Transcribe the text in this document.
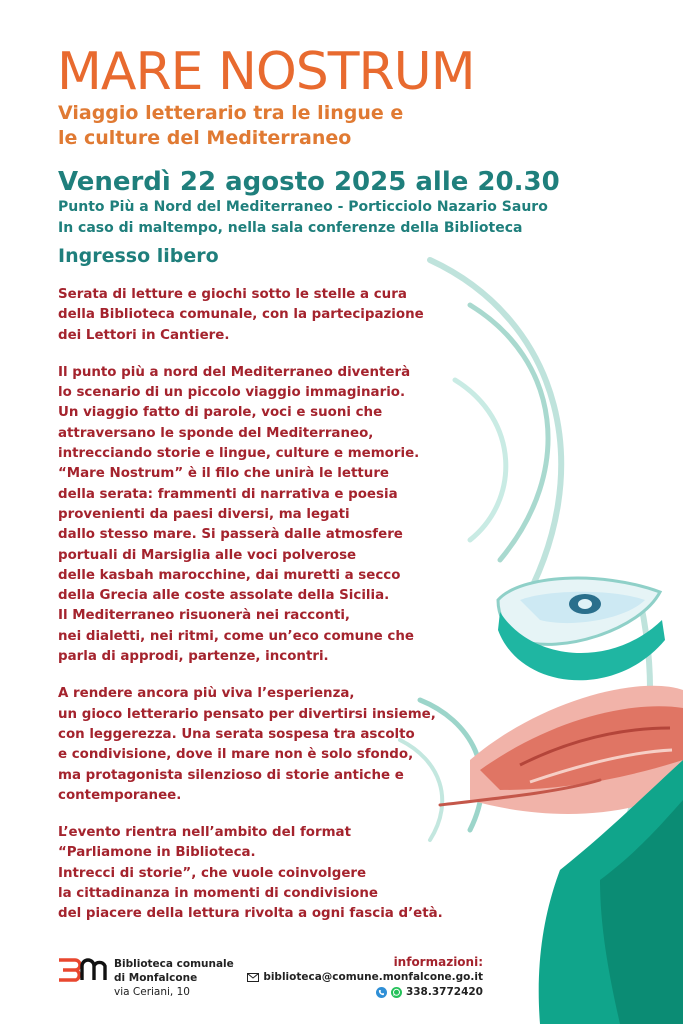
MARE NOSTRUM
Viaggio letterario tra le lingue e
le culture del Mediterraneo
Venerdì 22 agosto 2025 alle 20.30
Punto Più a Nord del Mediterraneo - Porticciolo Nazario Sauro
In caso di maltempo, nella sala conferenze della Biblioteca
Ingresso libero

Serata di letture e giochi sotto le stelle a cura
della Biblioteca comunale, con la partecipazione
dei Lettori in Cantiere.

Il punto più a nord del Mediterraneo diventerà
lo scenario di un piccolo viaggio immaginario.
Un viaggio fatto di parole, voci e suoni che
attraversano le sponde del Mediterraneo,
intrecciando storie e lingue, culture e memorie.
“Mare Nostrum” è il filo che unirà le letture
della serata: frammenti di narrativa e poesia
provenienti da paesi diversi, ma legati
dallo stesso mare. Si passerà dalle atmosfere
portuali di Marsiglia alle voci polverose
delle kasbah marocchine, dai muretti a secco
della Grecia alle coste assolate della Sicilia.
Il Mediterraneo risuonerà nei racconti,
nei dialetti, nei ritmi, come un’eco comune che
parla di approdi, partenze, incontri.

A rendere ancora più viva l’esperienza,
un gioco letterario pensato per divertirsi insieme,
con leggerezza. Una serata sospesa tra ascolto
e condivisione, dove il mare non è solo sfondo,
ma protagonista silenzioso di storie antiche e
contemporanee.

L’evento rientra nell’ambito del format
“Parliamone in Biblioteca.
Intrecci di storie”, che vuole coinvolgere
la cittadinanza in momenti di condivisione
del piacere della lettura rivolta a ogni fascia d’età.

Biblioteca comunale
di Monfalcone
via Ceriani, 10
informazioni:
biblioteca@comune.monfalcone.go.it
338.3772420
